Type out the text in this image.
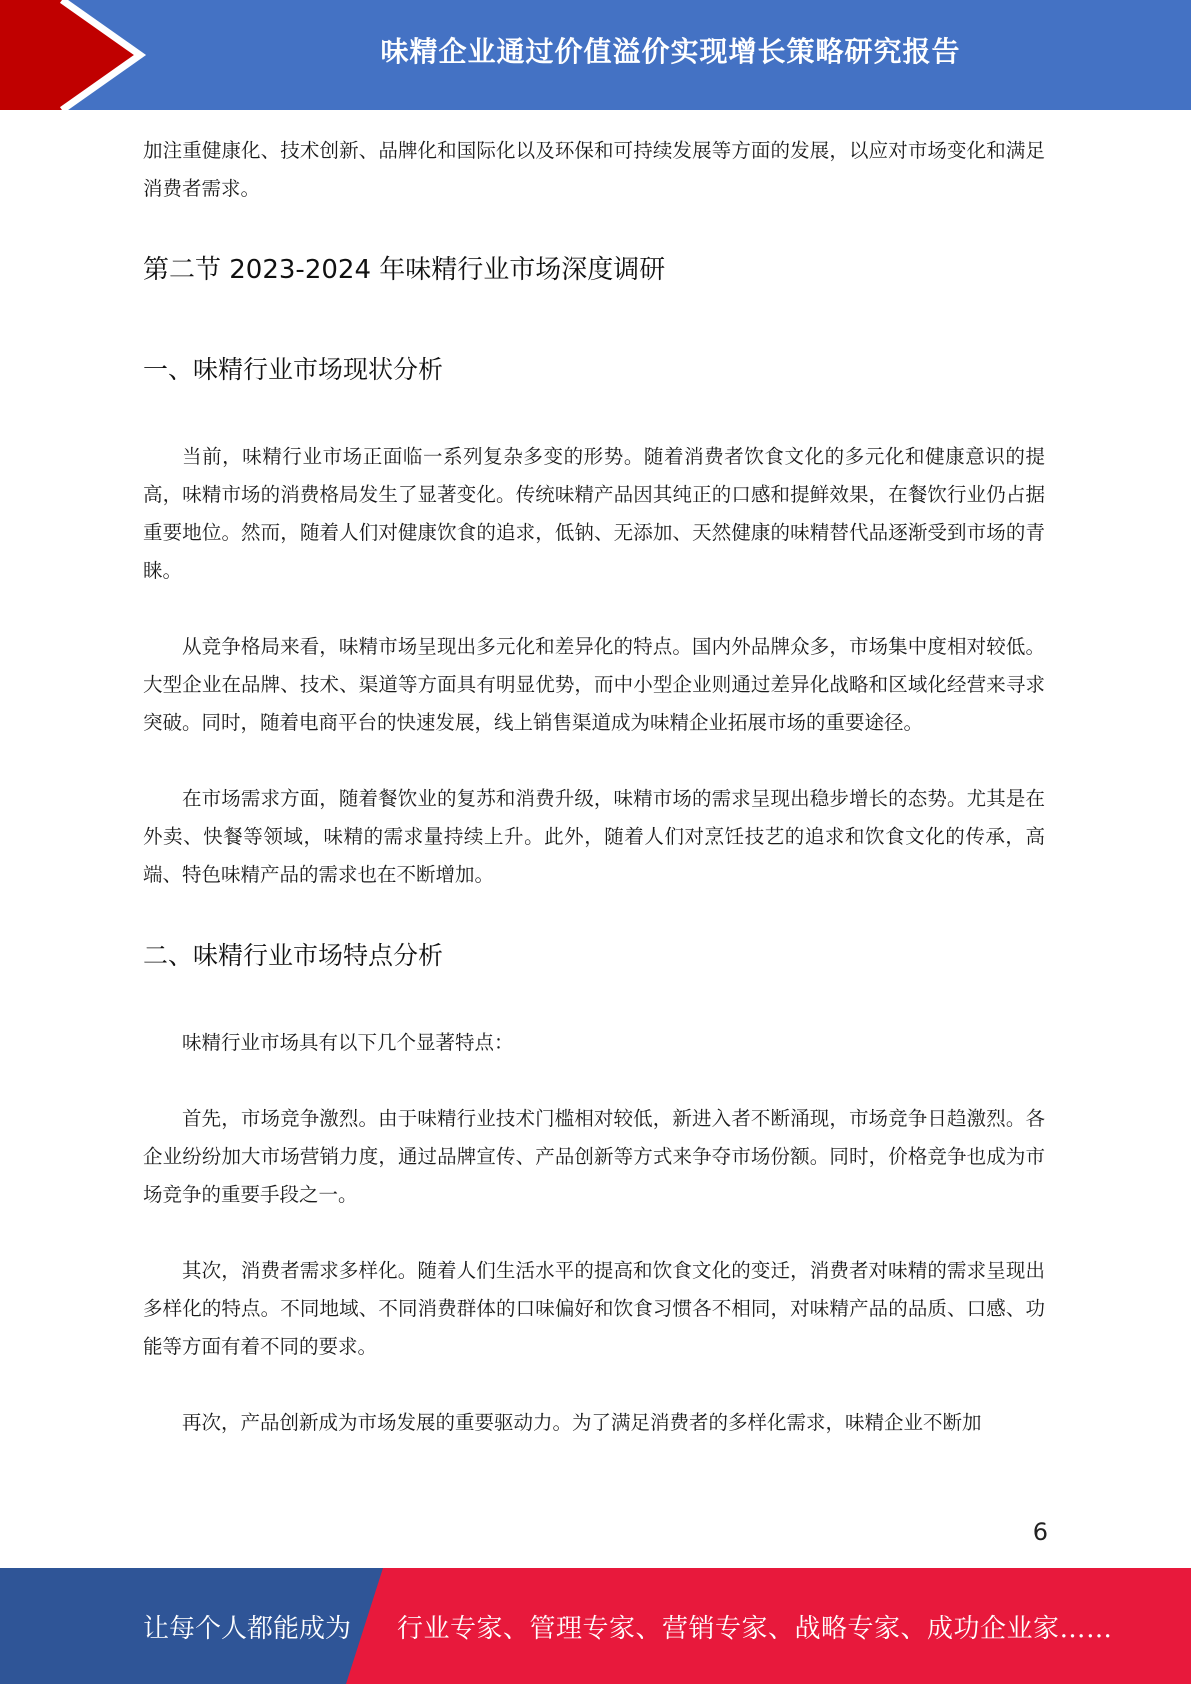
味精企业通过价值溢价实现增长策略研究报告

加注重健康化、技术创新、品牌化和国际化以及环保和可持续发展等方面的发展，以应对市场变化和满足消费者需求。

第二节 2023-2024 年味精行业市场深度调研
一、味精行业市场现状分析

当前，味精行业市场正面临一系列复杂多变的形势。随着消费者饮食文化的多元化和健康意识的提高，味精市场的消费格局发生了显著变化。传统味精产品因其纯正的口感和提鲜效果，在餐饮行业仍占据重要地位。然而，随着人们对健康饮食的追求，低钠、无添加、天然健康的味精替代品逐渐受到市场的青睐。

从竞争格局来看，味精市场呈现出多元化和差异化的特点。国内外品牌众多，市场集中度相对较低。大型企业在品牌、技术、渠道等方面具有明显优势，而中小型企业则通过差异化战略和区域化经营来寻求突破。同时，随着电商平台的快速发展，线上销售渠道成为味精企业拓展市场的重要途径。

在市场需求方面，随着餐饮业的复苏和消费升级，味精市场的需求呈现出稳步增长的态势。尤其是在外卖、快餐等领域，味精的需求量持续上升。此外，随着人们对烹饪技艺的追求和饮食文化的传承，高端、特色味精产品的需求也在不断增加。

二、味精行业市场特点分析

味精行业市场具有以下几个显著特点：

首先，市场竞争激烈。由于味精行业技术门槛相对较低，新进入者不断涌现，市场竞争日趋激烈。各企业纷纷加大市场营销力度，通过品牌宣传、产品创新等方式来争夺市场份额。同时，价格竞争也成为市场竞争的重要手段之一。

其次，消费者需求多样化。随着人们生活水平的提高和饮食文化的变迁，消费者对味精的需求呈现出多样化的特点。不同地域、不同消费群体的口味偏好和饮食习惯各不相同，对味精产品的品质、口感、功能等方面有着不同的要求。

再次，产品创新成为市场发展的重要驱动力。为了满足消费者的多样化需求，味精企业不断加

6
让每个人都能成为 行业专家、管理专家、营销专家、战略专家、成功企业家……
